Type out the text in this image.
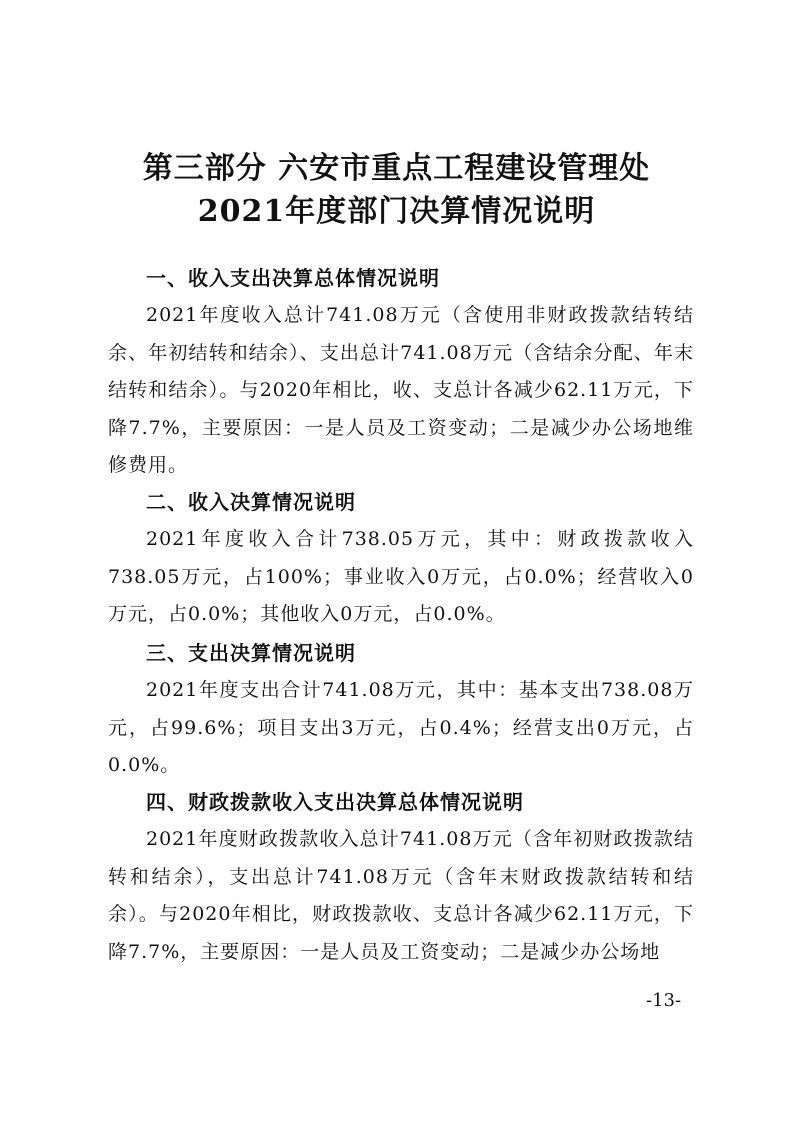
第三部分 六安市重点工程建设管理处
2021年度部门决算情况说明
一、收入支出决算总体情况说明

2021年度收入总计741.08万元（含使用非财政拨款结转结余、年初结转和结余）、支出总计741.08万元（含结余分配、年末结转和结余）。与2020年相比，收、支总计各减少62.11万元，下降7.7%，主要原因：一是人员及工资变动；二是减少办公场地维修费用。

二、收入决算情况说明

2021年度收入合计738.05万元，其中：财政拨款收入738.05万元，占100%；事业收入0万元，占0.0%；经营收入0万元，占0.0%；其他收入0万元，占0.0%。

三、支出决算情况说明

2021年度支出合计741.08万元，其中：基本支出738.08万元，占99.6%；项目支出3万元，占0.4%；经营支出0万元，占0.0%。

四、财政拨款收入支出决算总体情况说明

2021年度财政拨款收入总计741.08万元（含年初财政拨款结转和结余），支出总计741.08万元（含年末财政拨款结转和结余）。与2020年相比，财政拨款收、支总计各减少62.11万元，下降7.7%，主要原因：一是人员及工资变动；二是减少办公场地

-13-
